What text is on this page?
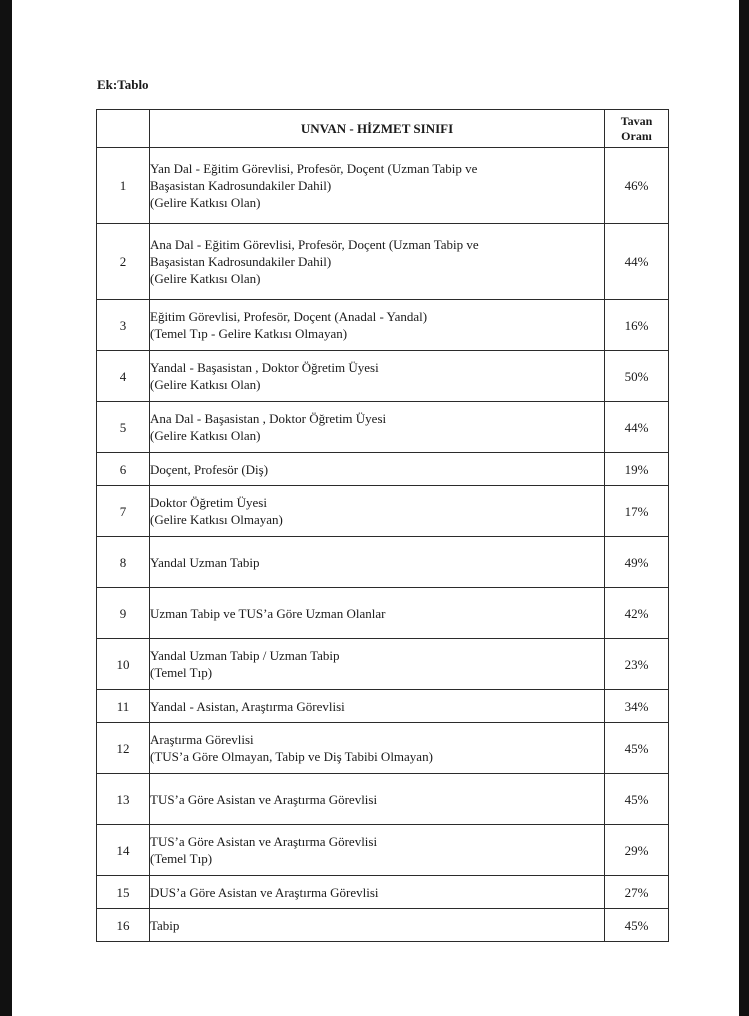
Ek:Tablo
	UNVAN - HİZMET SINIFI	Tavan
Oranı

1	Yan Dal - Eğitim Görevlisi, Profesör, Doçent (Uzman Tabip ve
Başasistan Kadrosundakiler Dahil)
(Gelire Katkısı Olan)	46%
2	Ana Dal - Eğitim Görevlisi, Profesör, Doçent (Uzman Tabip ve
Başasistan Kadrosundakiler Dahil)
(Gelire Katkısı Olan)	44%
3	Eğitim Görevlisi, Profesör, Doçent (Anadal - Yandal)
(Temel Tıp - Gelire Katkısı Olmayan)	16%
4	Yandal - Başasistan , Doktor Öğretim Üyesi
(Gelire Katkısı Olan)	50%
5	Ana Dal - Başasistan , Doktor Öğretim Üyesi
(Gelire Katkısı Olan)	44%
6	Doçent, Profesör (Diş)	19%
7	Doktor Öğretim Üyesi
(Gelire Katkısı Olmayan)	17%
8	Yandal Uzman Tabip	49%
9	Uzman Tabip ve TUS’a Göre Uzman Olanlar	42%
10	Yandal Uzman Tabip / Uzman Tabip
(Temel Tıp)	23%
11	Yandal - Asistan, Araştırma Görevlisi	34%
12	Araştırma Görevlisi
(TUS’a Göre Olmayan, Tabip ve Diş Tabibi Olmayan)	45%
13	TUS’a Göre Asistan ve Araştırma Görevlisi	45%
14	TUS’a Göre Asistan ve Araştırma Görevlisi
(Temel Tıp)	29%
15	DUS’a Göre Asistan ve Araştırma Görevlisi	27%
16	Tabip	45%
